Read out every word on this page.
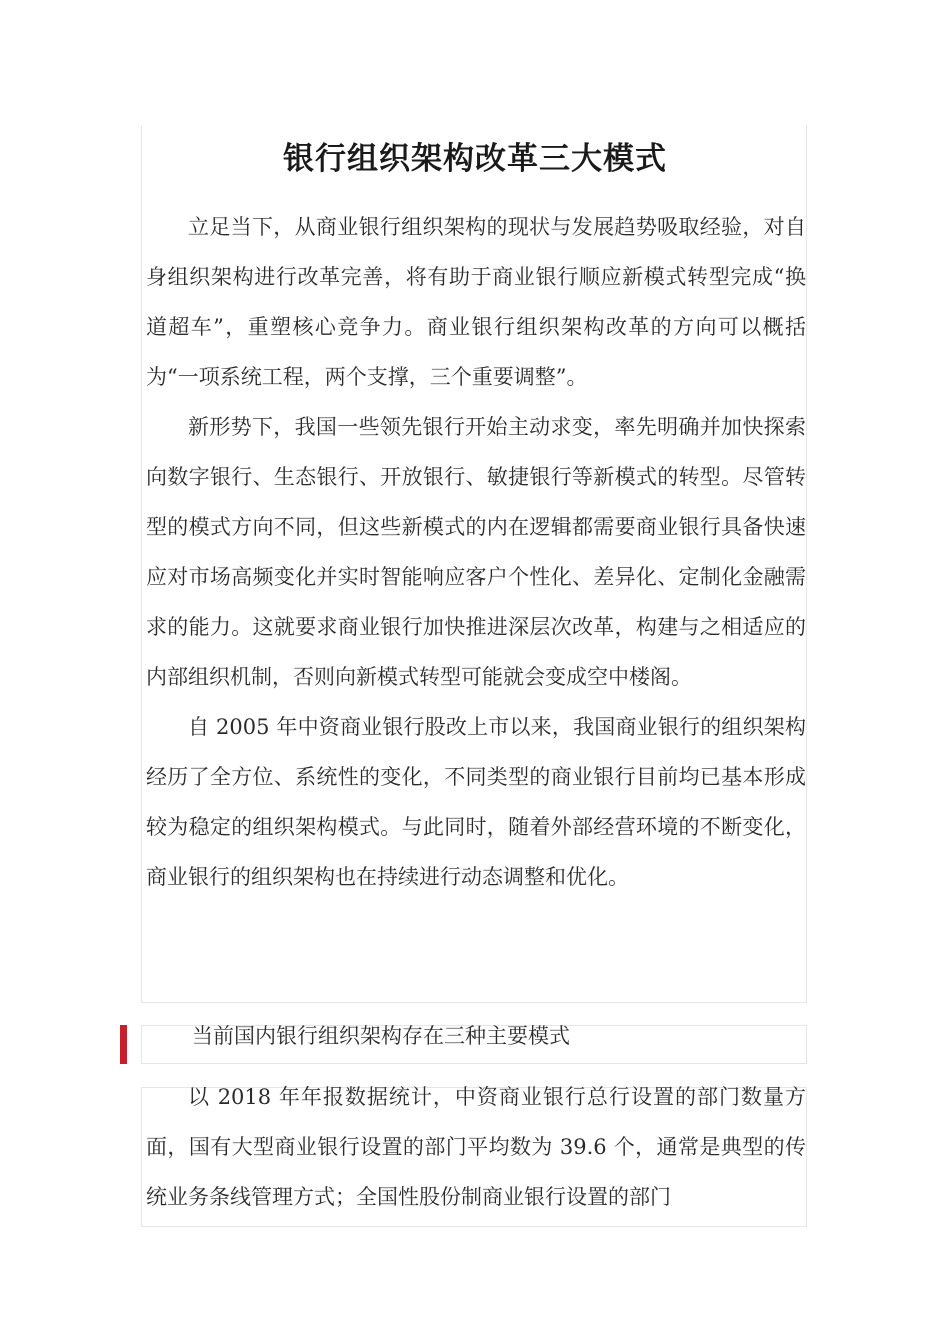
银行组织架构改革三大模式

立足当下，从商业银行组织架构的现状与发展趋势吸取经验，对自身组织架构进行改革完善，将有助于商业银行顺应新模式转型完成“换道超车”，重塑核心竞争力。商业银行组织架构改革的方向可以概括为“一项系统工程，两个支撑，三个重要调整”。

新形势下，我国一些领先银行开始主动求变，率先明确并加快探索向数字银行、生态银行、开放银行、敏捷银行等新模式的转型。尽管转型的模式方向不同，但这些新模式的内在逻辑都需要商业银行具备快速应对市场高频变化并实时智能响应客户个性化、差异化、定制化金融需求的能力。这就要求商业银行加快推进深层次改革，构建与之相适应的内部组织机制，否则向新模式转型可能就会变成空中楼阁。

自 2005 年中资商业银行股改上市以来，我国商业银行的组织架构经历了全方位、系统性的变化，不同类型的商业银行目前均已基本形成较为稳定的组织架构模式。与此同时，随着外部经营环境的不断变化，商业银行的组织架构也在持续进行动态调整和优化。

当前国内银行组织架构存在三种主要模式

以 2018 年年报数据统计，中资商业银行总行设置的部门数量方面，国有大型商业银行设置的部门平均数为 39.6 个，通常是典型的传统业务条线管理方式；全国性股份制商业银行设置的部门
